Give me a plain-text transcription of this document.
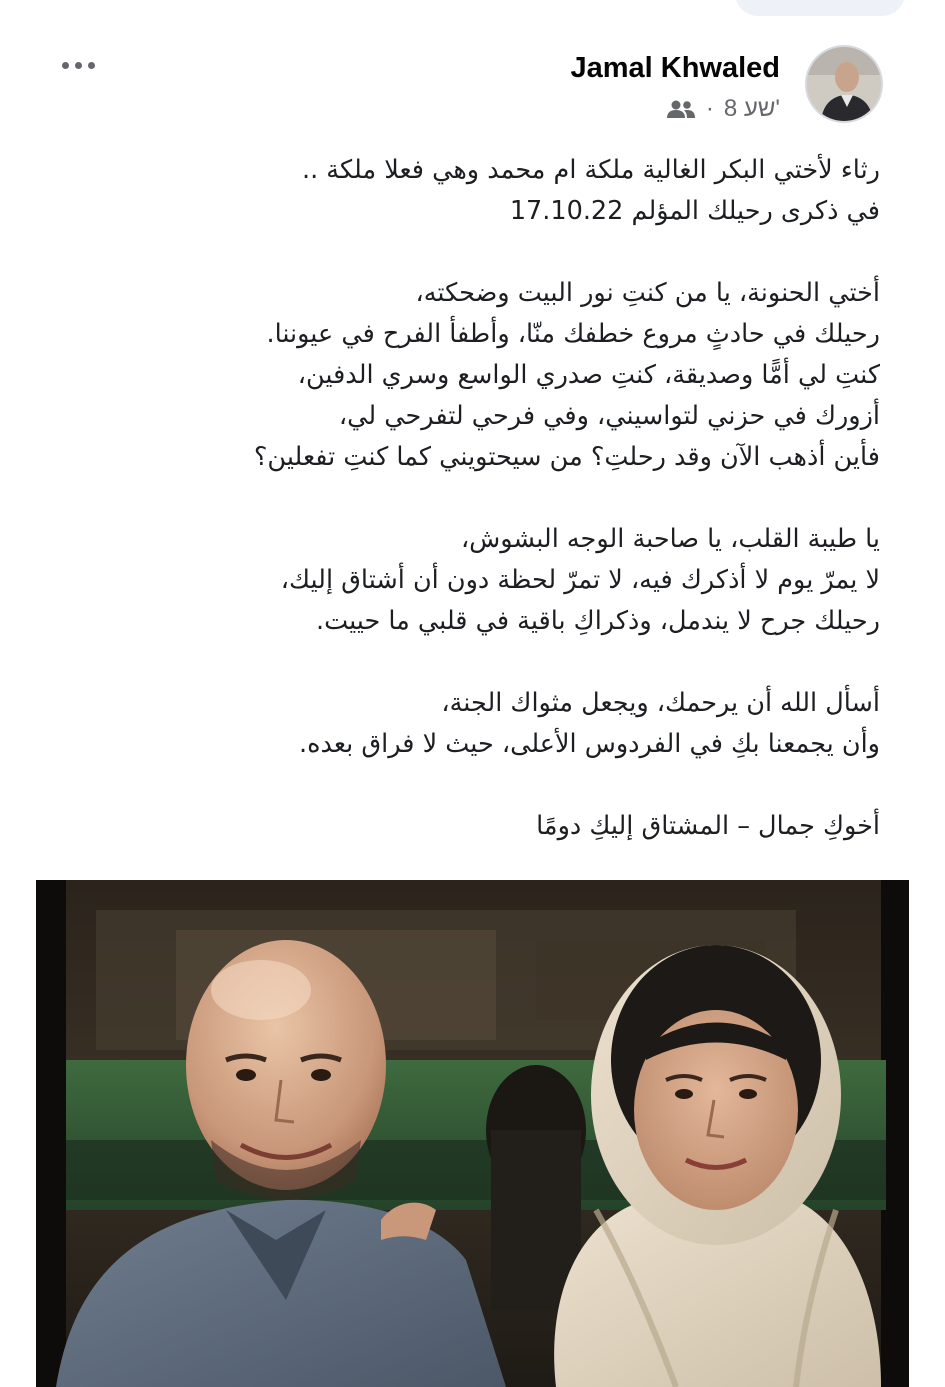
Jamal Khwaled
· 8 שע'

رثاء لأختي البكر الغالية ملكة ام محمد وهي فعلا ملكة ..
في ذكرى رحيلك المؤلم 17.10.22

أختي الحنونة، يا من كنتِ نور البيت وضحكته،
رحيلك في حادثٍ مروع خطفك منّا، وأطفأ الفرح في عيوننا.
كنتِ لي أمًّا وصديقة، كنتِ صدري الواسع وسري الدفين،
أزورك في حزني لتواسيني، وفي فرحي لتفرحي لي،
فأين أذهب الآن وقد رحلتِ؟ من سيحتويني كما كنتِ تفعلين؟

يا طيبة القلب، يا صاحبة الوجه البشوش،
لا يمرّ يوم لا أذكرك فيه، لا تمرّ لحظة دون أن أشتاق إليك،
رحيلك جرح لا يندمل، وذكراكِ باقية في قلبي ما حييت.

أسأل الله أن يرحمك، ويجعل مثواك الجنة،
وأن يجمعنا بكِ في الفردوس الأعلى، حيث لا فراق بعده.

أخوكِ جمال – المشتاق إليكِ دومًا
